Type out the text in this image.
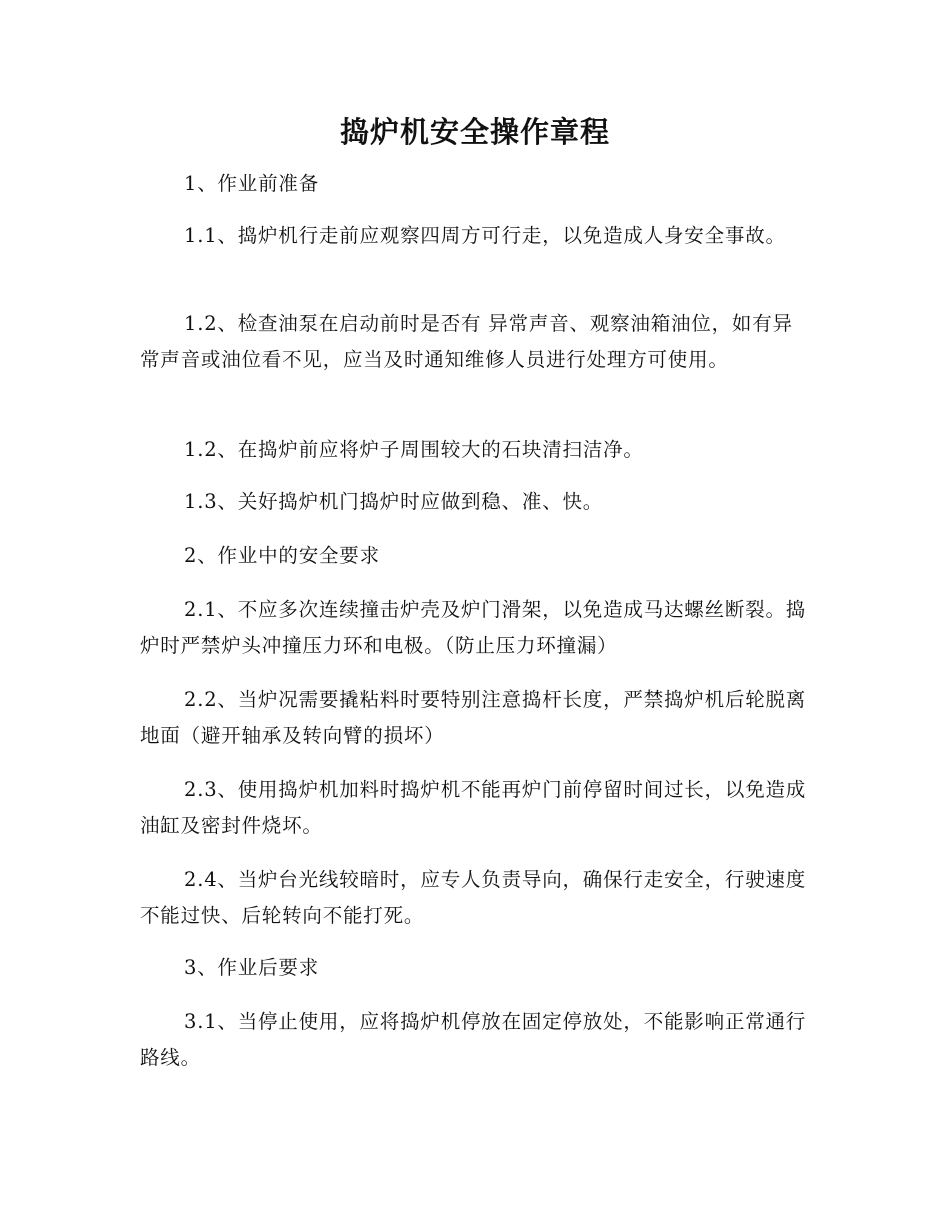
捣炉机安全操作章程

1、作业前准备

1.1、捣炉机行走前应观察四周方可行走，以免造成人身安全事故。

1.2、检查油泵在启动前时是否有 异常声音、观察油箱油位，如有异常声音或油位看不见，应当及时通知维修人员进行处理方可使用。

1.2、在捣炉前应将炉子周围较大的石块清扫洁净。

1.3、关好捣炉机门捣炉时应做到稳、准、快。

2、作业中的安全要求

2.1、不应多次连续撞击炉壳及炉门滑架，以免造成马达螺丝断裂。捣炉时严禁炉头冲撞压力环和电极。（防止压力环撞漏）

2.2、当炉况需要撬粘料时要特别注意捣杆长度，严禁捣炉机后轮脱离地面（避开轴承及转向臂的损坏）

2.3、使用捣炉机加料时捣炉机不能再炉门前停留时间过长，以免造成油缸及密封件烧坏。

2.4、当炉台光线较暗时，应专人负责导向，确保行走安全，行驶速度不能过快、后轮转向不能打死。

3、作业后要求

3.1、当停止使用，应将捣炉机停放在固定停放处，不能影响正常通行路线。
